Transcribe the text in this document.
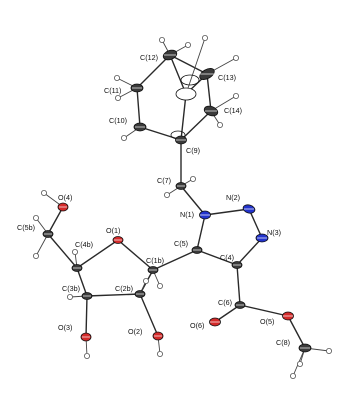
C(12)
C(13)
C(11)
C(14)
C(10)
C(9)
C(7)
N(1)
N(2)
N(3)
O(4)
C(5b)
C(4b)
O(1)
C(1b)
C(5)
C(4)
C(3b)	C(2b)
C(6)
O(5)
O(6)
O(3)	O(2)
C(8)
